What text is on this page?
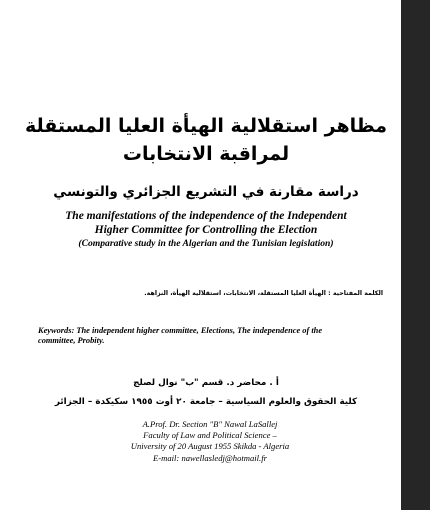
مظاهر استقلالية الهيأة العليا المستقلة
لمراقبة الانتخابات
دراسة مقارنة في التشريع الجزائري والتونسي
The manifestations of the independence of the Independent
Higher Committee for Controlling the Election
(Comparative study in the Algerian and the Tunisian legislation)
الكلمة المفتاحية : الهيأة العليا المستقلة، الانتخابات، استقلالية الهيأة، النزاهة.
Keywords: The independent higher committee, Elections, The independence of the committee, Probity.
أ . محاضر د. قسم "ب" نوال لصلج
كلية الحقوق والعلوم السياسية – جامعة ٢٠ أوت ١٩٥٥ سكيكدة – الجزائر
A.Prof. Dr. Section "B" Nawal LaSallej
Faculty of Law and Political Science –
University of 20 August 1955 Skikda - Algeria
E-mail: nawellasledj@hotmail.fr
